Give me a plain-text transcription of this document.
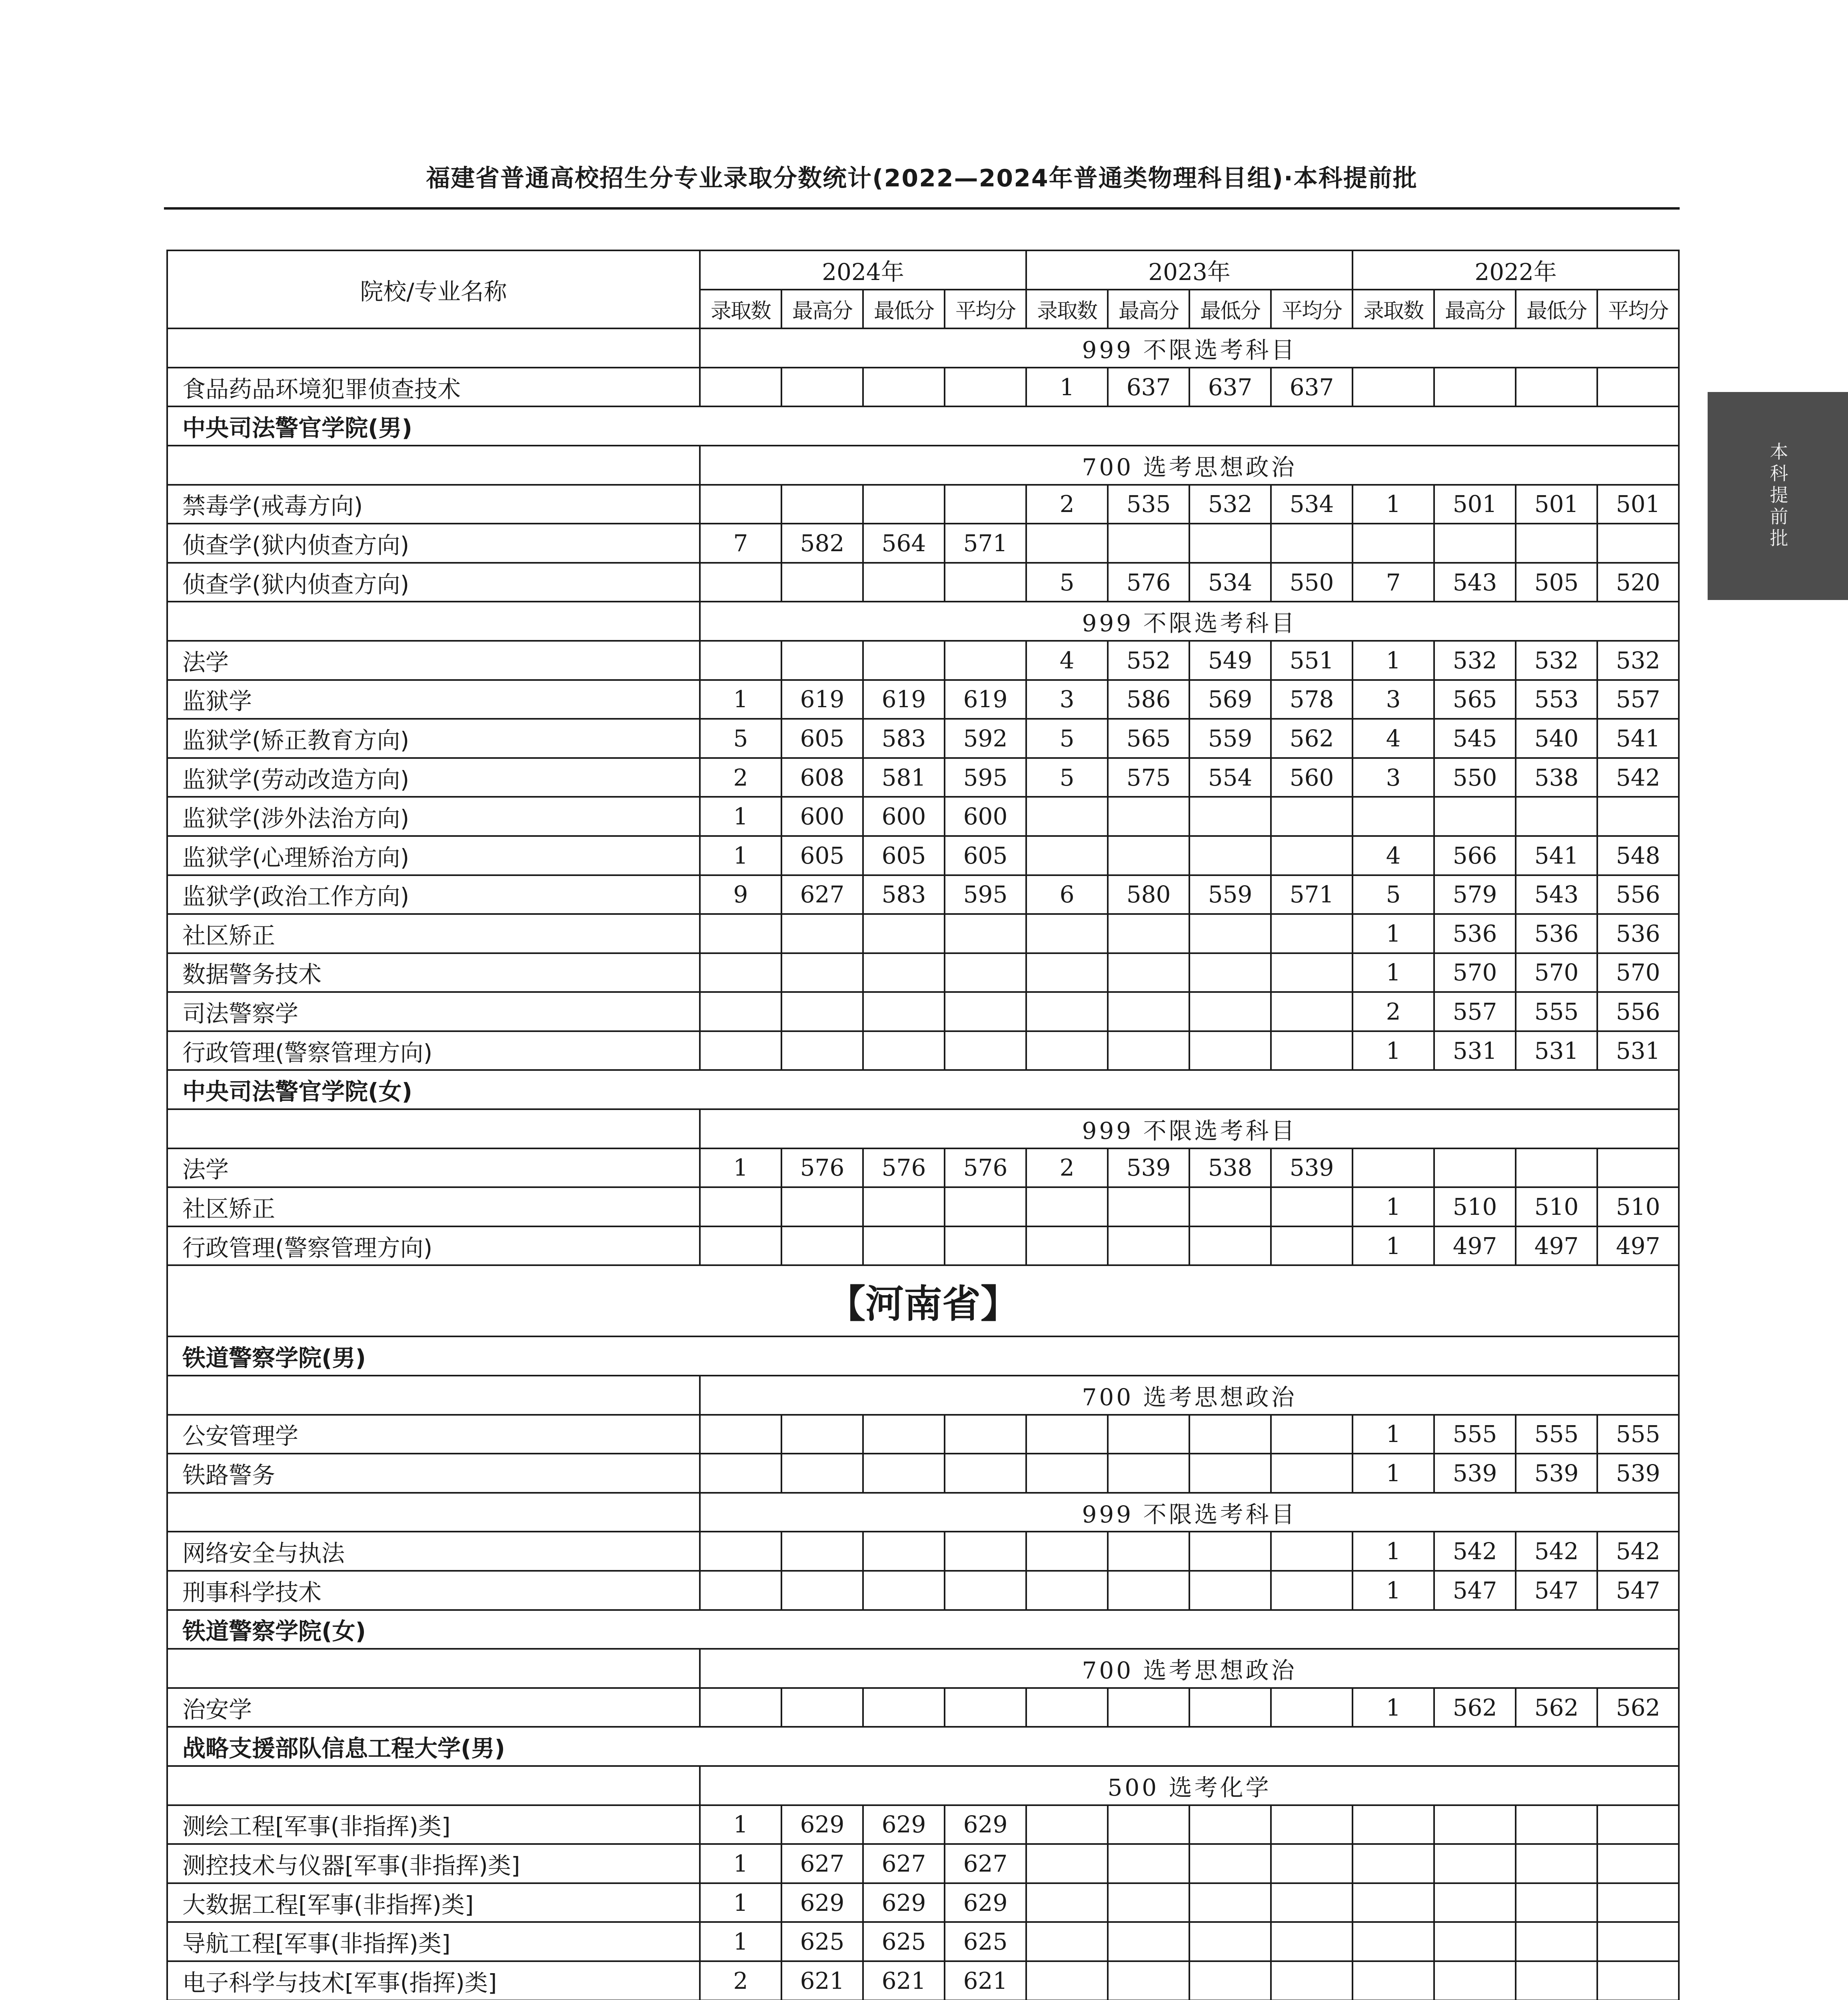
福建省普通高校招生分专业录取分数统计(2022—2024年普通类物理科目组)·本科提前批
本科提前批
院校/专业名称	2024年				2023年				2022年			
	录取数	最高分	最低分	平均分	录取数	最高分	最低分	平均分	录取数	最高分	最低分	平均分
	999 不限选考科目											
食品药品环境犯罪侦查技术					1	637	637	637				
中央司法警官学院(男)												
	700 选考思想政治											
禁毒学(戒毒方向)					2	535	532	534	1	501	501	501
侦查学(狱内侦查方向)	7	582	564	571								
侦查学(狱内侦查方向)					5	576	534	550	7	543	505	520
	999 不限选考科目											
法学					4	552	549	551	1	532	532	532
监狱学	1	619	619	619	3	586	569	578	3	565	553	557
监狱学(矫正教育方向)	5	605	583	592	5	565	559	562	4	545	540	541
监狱学(劳动改造方向)	2	608	581	595	5	575	554	560	3	550	538	542
监狱学(涉外法治方向)	1	600	600	600								
监狱学(心理矫治方向)	1	605	605	605					4	566	541	548
监狱学(政治工作方向)	9	627	583	595	6	580	559	571	5	579	543	556
社区矫正									1	536	536	536
数据警务技术									1	570	570	570
司法警察学									2	557	555	556
行政管理(警察管理方向)									1	531	531	531
中央司法警官学院(女)												
	999 不限选考科目											
法学	1	576	576	576	2	539	538	539				
社区矫正									1	510	510	510
行政管理(警察管理方向)									1	497	497	497
【河南省】												
铁道警察学院(男)												
	700 选考思想政治											
公安管理学									1	555	555	555
铁路警务									1	539	539	539
	999 不限选考科目											
网络安全与执法									1	542	542	542
刑事科学技术									1	547	547	547
铁道警察学院(女)												
	700 选考思想政治											
治安学									1	562	562	562
战略支援部队信息工程大学(男)												
	500 选考化学											
测绘工程[军事(非指挥)类]	1	629	629	629								
测控技术与仪器[军事(非指挥)类]	1	627	627	627								
大数据工程[军事(非指挥)类]	1	629	629	629								
导航工程[军事(非指挥)类]	1	625	625	625								
电子科学与技术[军事(指挥)类]	2	621	621	621								
